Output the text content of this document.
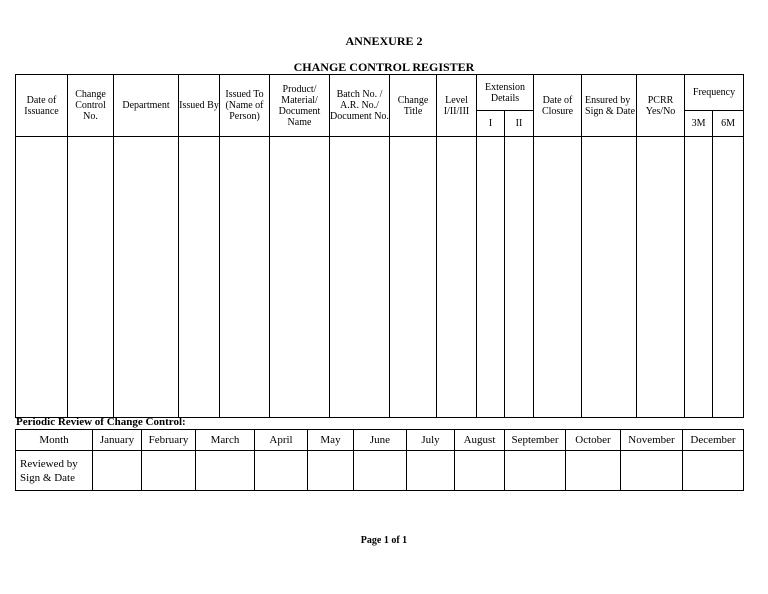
ANNEXURE 2
CHANGE CONTROL REGISTER
Date of Issuance	Change Control No.	Department	Issued By	Issued To (Name of Person)	Product/ Material/ Document Name	Batch No. / A.R. No./ Document No.	Change Title	Level I/II/III	Extension Details		Date of Closure	Ensured by Sign & Date	PCRR Yes/No	Frequency	
									I	II				3M	6M

Periodic Review of Change Control:
Month	January	February	March	April	May	June	July	August	September	October	November	December
Reviewed by Sign & Date												
Page 1 of 1
